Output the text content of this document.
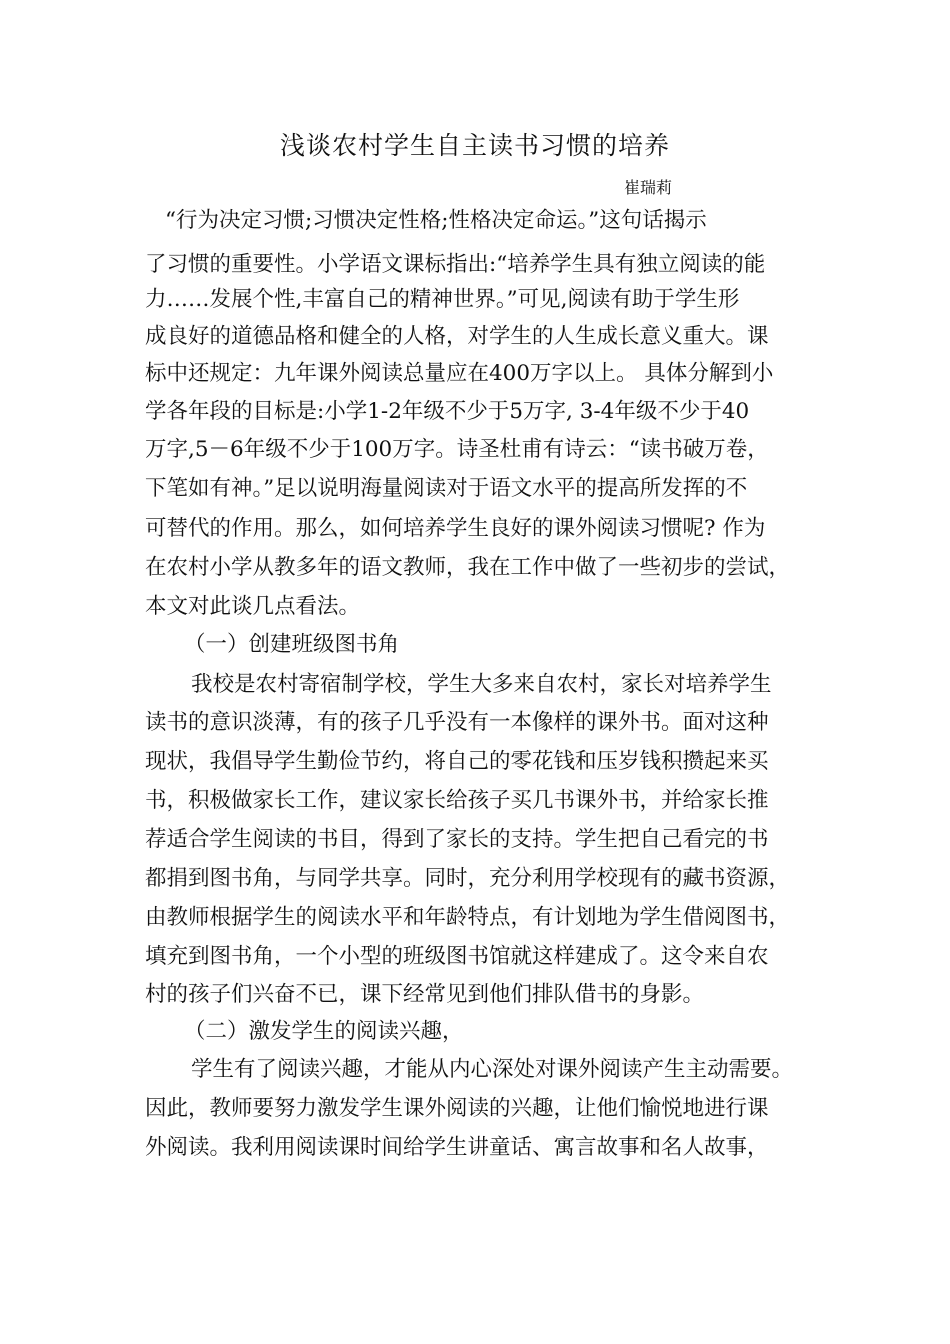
浅谈农村学生自主读书习惯的培养

崔瑞莉

“行为决定习惯;习惯决定性格;性格决定命运。”这句话揭示

了习惯的重要性。小学语文课标指出:“培养学生具有独立阅读的能

力……发展个性,丰富自己的精神世界。”可见,阅读有助于学生形

成良好的道德品格和健全的人格，对学生的人生成长意义重大。课

标中还规定：九年课外阅读总量应在400万字以上。 具体分解到小

学各年段的目标是:小学1-2年级不少于5万字, 3-4年级不少于40

万字,5－6年级不少于100万字。诗圣杜甫有诗云：“读书破万卷，

下笔如有神。”足以说明海量阅读对于语文水平的提高所发挥的不

可替代的作用。那么，如何培养学生良好的课外阅读习惯呢? 作为

在农村小学从教多年的语文教师，我在工作中做了一些初步的尝试，

本文对此谈几点看法。

（一）创建班级图书角

我校是农村寄宿制学校，学生大多来自农村，家长对培养学生

读书的意识淡薄，有的孩子几乎没有一本像样的课外书。面对这种

现状，我倡导学生勤俭节约，将自己的零花钱和压岁钱积攒起来买

书，积极做家长工作，建议家长给孩子买几书课外书，并给家长推

荐适合学生阅读的书目，得到了家长的支持。学生把自己看完的书

都捐到图书角，与同学共享。同时，充分利用学校现有的藏书资源，

由教师根据学生的阅读水平和年龄特点，有计划地为学生借阅图书，

填充到图书角，一个小型的班级图书馆就这样建成了。这令来自农

村的孩子们兴奋不已，课下经常见到他们排队借书的身影。

（二）激发学生的阅读兴趣，

学生有了阅读兴趣，才能从内心深处对课外阅读产生主动需要。

因此，教师要努力激发学生课外阅读的兴趣，让他们愉悦地进行课

外阅读。我利用阅读课时间给学生讲童话、寓言故事和名人故事，
